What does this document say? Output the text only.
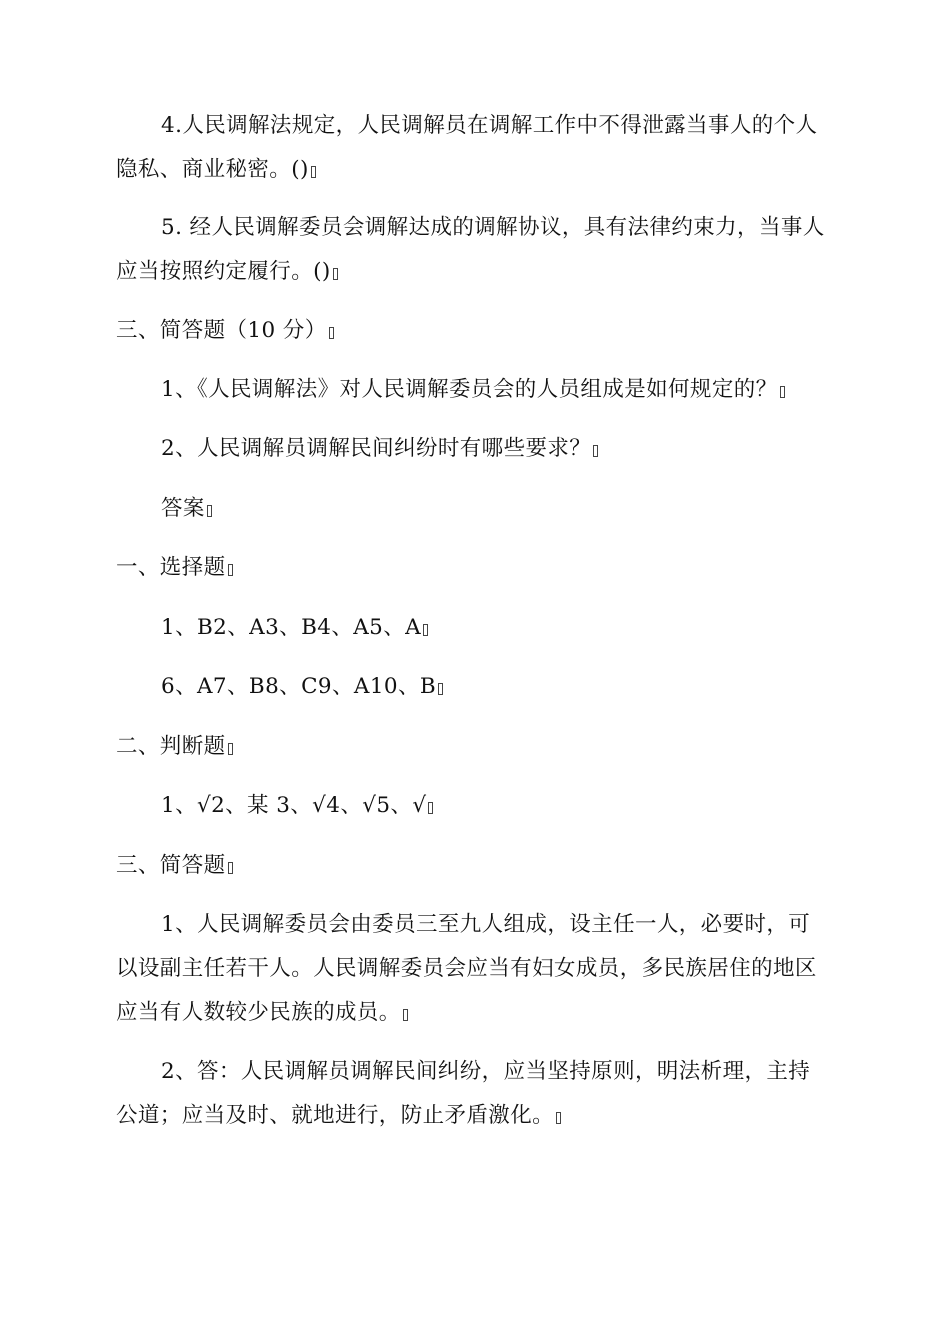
4.人民调解法规定，人民调解员在调解工作中不得泄露当事人的个人隐私、商业秘密。()

5. 经人民调解委员会调解达成的调解协议，具有法律约束力，当事人应当按照约定履行。()

三、简答题（10 分）

1、《人民调解法》对人民调解委员会的人员组成是如何规定的？

2、人民调解员调解民间纠纷时有哪些要求？

答案

一、选择题

1、B2、A3、B4、A5、A

6、A7、B8、C9、A10、B

二、判断题

1、√2、某 3、√4、√5、√

三、简答题

1、人民调解委员会由委员三至九人组成，设主任一人，必要时，可以设副主任若干人。人民调解委员会应当有妇女成员，多民族居住的地区应当有人数较少民族的成员。

2、答：人民调解员调解民间纠纷，应当坚持原则，明法析理，主持公道；应当及时、就地进行，防止矛盾激化。
